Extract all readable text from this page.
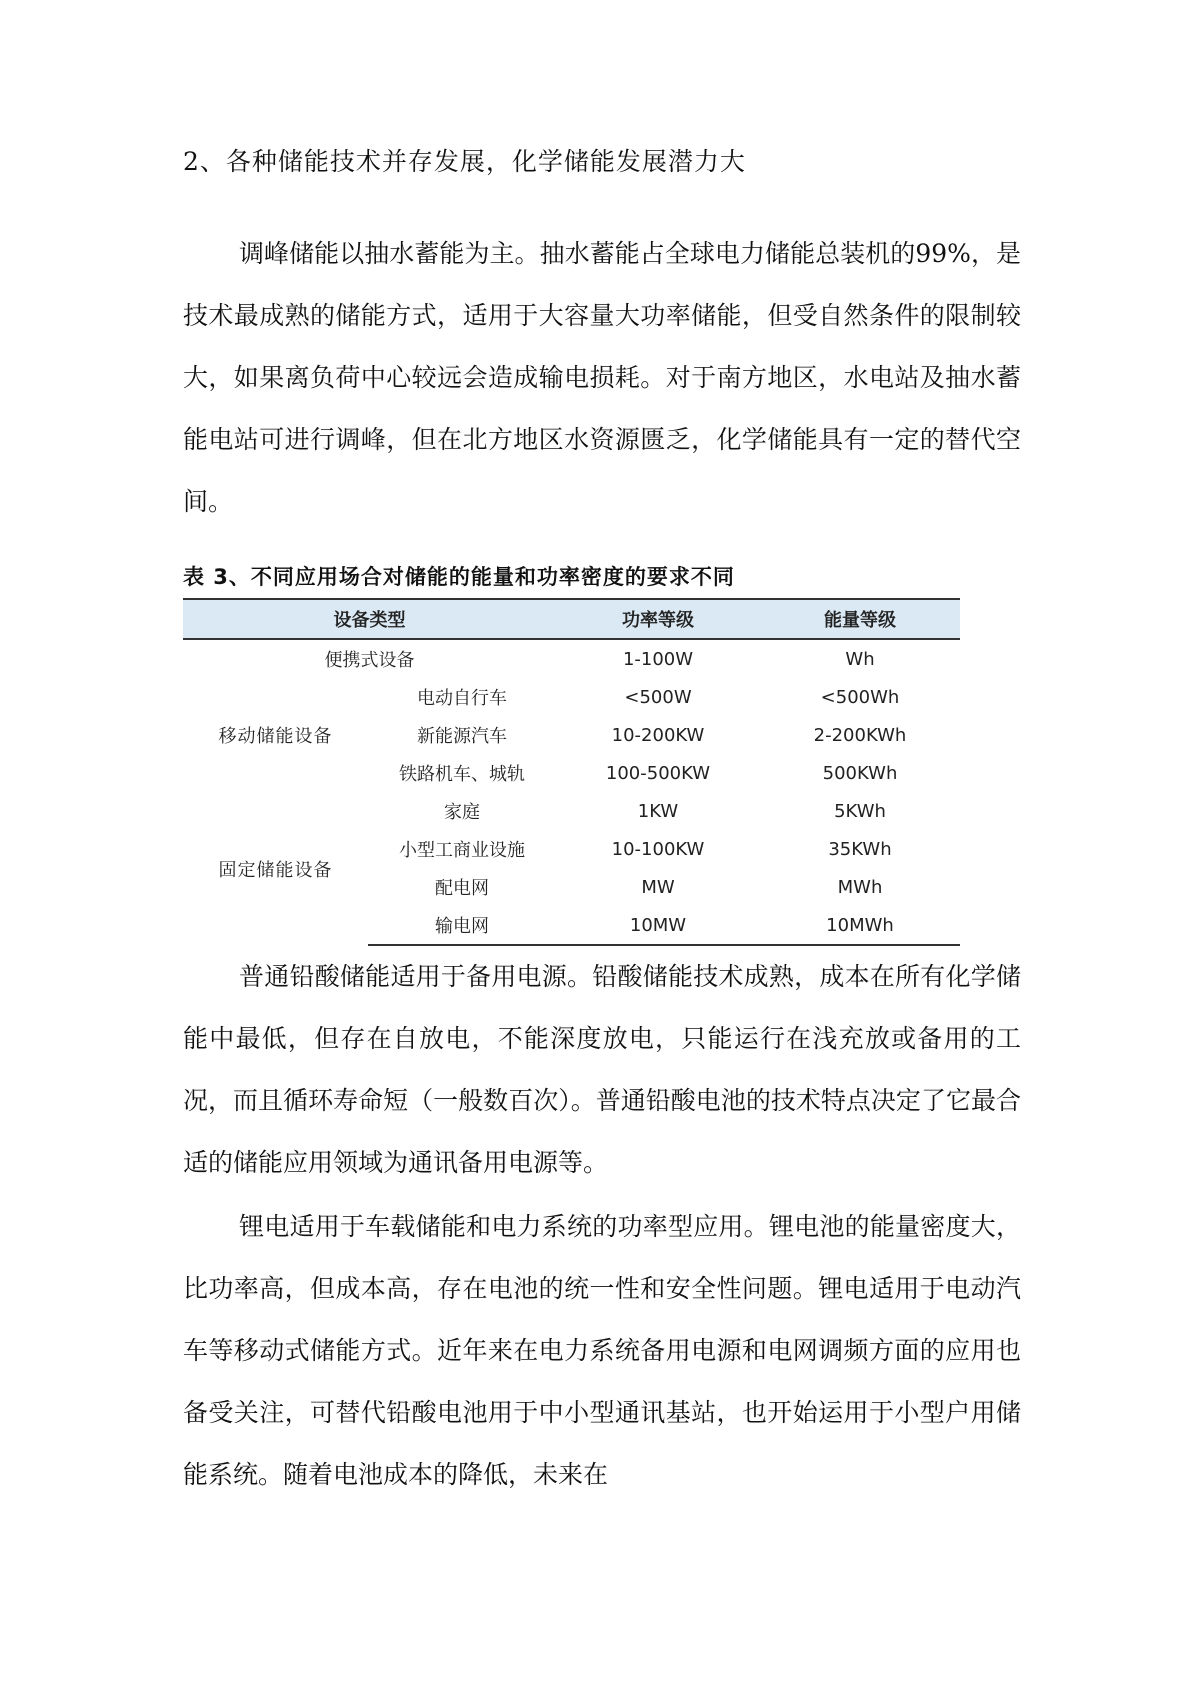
2、各种储能技术并存发展，化学储能发展潜力大

调峰储能以抽水蓄能为主。抽水蓄能占全球电力储能总装机的99%，是技术最成熟的储能方式，适用于大容量大功率储能，但受自然条件的限制较大，如果离负荷中心较远会造成输电损耗。对于南方地区，水电站及抽水蓄能电站可进行调峰，但在北方地区水资源匮乏，化学储能具有一定的替代空间。

表 3、不同应用场合对储能的能量和功率密度的要求不同
设备类型		功率等级	能量等级
便携式设备		1-100W	Wh
移动储能设备	电动自行车	<500W	<500Wh
	新能源汽车	10-200KW	2-200KWh
	铁路机车、城轨	100-500KW	500KWh
固定储能设备	家庭	1KW	5KWh
	小型工商业设施	10-100KW	35KWh
	配电网	MW	MWh
	输电网	10MW	10MWh

普通铅酸储能适用于备用电源。铅酸储能技术成熟，成本在所有化学储能中最低，但存在自放电，不能深度放电，只能运行在浅充放或备用的工况，而且循环寿命短（一般数百次）。普通铅酸电池的技术特点决定了它最合适的储能应用领域为通讯备用电源等。

锂电适用于车载储能和电力系统的功率型应用。锂电池的能量密度大，比功率高，但成本高，存在电池的统一性和安全性问题。锂电适用于电动汽车等移动式储能方式。近年来在电力系统备用电源和电网调频方面的应用也备受关注，可替代铅酸电池用于中小型通讯基站，也开始运用于小型户用储能系统。随着电池成本的降低，未来在
